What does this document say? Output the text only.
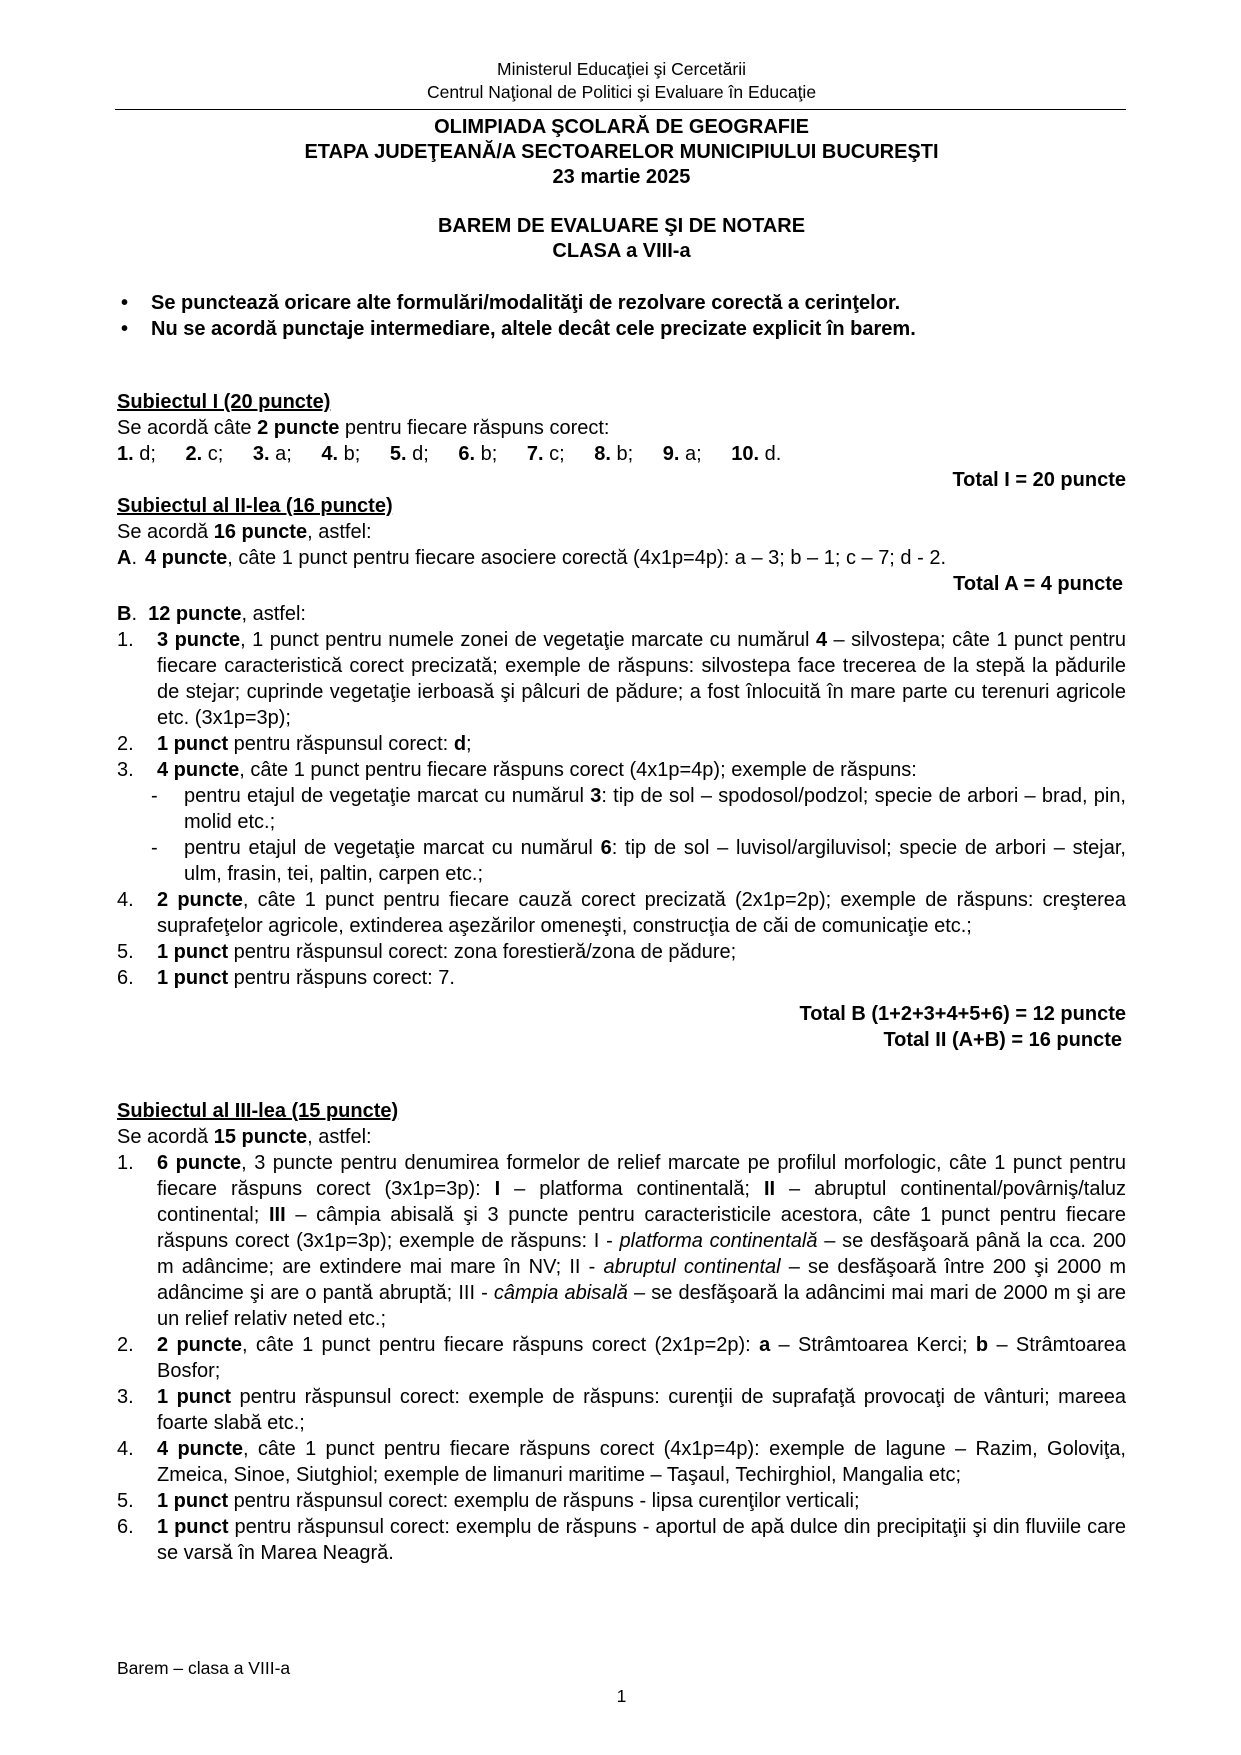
Ministerul Educaţiei şi Cercetării
Centrul Naţional de Politici şi Evaluare în Educaţie
OLIMPIADA ŞCOLARĂ DE GEOGRAFIE
ETAPA JUDEŢEANĂ/A SECTOARELOR MUNICIPIULUI BUCUREŞTI
23 martie 2025
BAREM DE EVALUARE ŞI DE NOTARE
CLASA a VIII-a
•	Se punctează oricare alte formulări/modalităţi de rezolvare corectă a cerinţelor.
•	Nu se acordă punctaje intermediare, altele decât cele precizate explicit în barem.
Subiectul I (20 puncte)
Se acordă câte 2 puncte pentru fiecare răspuns corect:
1. d; 2. c; 3. a; 4. b; 5. d; 6. b; 7. c; 8. b; 9. a; 10. d.
Total I = 20 puncte
Subiectul al II-lea (16 puncte)
Se acordă 16 puncte, astfel:
A. 4 puncte, câte 1 punct pentru fiecare asociere corectă (4x1p=4p): a – 3; b – 1; c – 7; d - 2.
Total A = 4 puncte
B.  12 puncte, astfel:
1.	3 puncte, 1 punct pentru numele zonei de vegetaţie marcate cu numărul 4 – silvostepa; câte 1 punct pentru fiecare caracteristică corect precizată; exemple de răspuns: silvostepa face trecerea de la stepă la pădurile de stejar; cuprinde vegetaţie ierboasă şi pâlcuri de pădure; a fost înlocuită în mare parte cu terenuri agricole etc. (3x1p=3p);
2.	1 punct pentru răspunsul corect: d;
3.	4 puncte, câte 1 punct pentru fiecare răspuns corect (4x1p=4p); exemple de răspuns:
-	pentru etajul de vegetaţie marcat cu numărul 3: tip de sol – spodosol/podzol; specie de arbori – brad, pin, molid etc.;
-	pentru etajul de vegetaţie marcat cu numărul 6: tip de sol – luvisol/argiluvisol; specie de arbori – stejar, ulm, frasin, tei, paltin, carpen etc.;
4.	2 puncte, câte 1 punct pentru fiecare cauză corect precizată (2x1p=2p); exemple de răspuns: creşterea suprafeţelor agricole, extinderea aşezărilor omeneşti, construcţia de căi de comunicaţie etc.;
5.	1 punct pentru răspunsul corect: zona forestieră/zona de pădure;
6.	1 punct pentru răspuns corect: 7.
Total B (1+2+3+4+5+6) = 12 puncte
Total II (A+B) = 16 puncte
Subiectul al III-lea (15 puncte)
Se acordă 15 puncte, astfel:
1.	6 puncte, 3 puncte pentru denumirea formelor de relief marcate pe profilul morfologic, câte 1 punct pentru fiecare răspuns corect (3x1p=3p): I – platforma continentală; II – abruptul continental/povârniş/taluz continental; III – câmpia abisală şi 3 puncte pentru caracteristicile acestora, câte 1 punct pentru fiecare răspuns corect (3x1p=3p); exemple de răspuns: I - platforma continentală – se desfăşoară până la cca. 200 m adâncime; are extindere mai mare în NV; II - abruptul continental – se desfăşoară între 200 şi 2000 m adâncime şi are o pantă abruptă; III - câmpia abisală – se desfăşoară la adâncimi mai mari de 2000 m şi are un relief relativ neted etc.;
2.	2 puncte, câte 1 punct pentru fiecare răspuns corect (2x1p=2p): a – Strâmtoarea Kerci; b – Strâmtoarea Bosfor;
3.	1 punct pentru răspunsul corect: exemple de răspuns: curenţii de suprafaţă provocaţi de vânturi; mareea foarte slabă etc.;
4.	4 puncte, câte 1 punct pentru fiecare răspuns corect (4x1p=4p): exemple de lagune – Razim, Goloviţa, Zmeica, Sinoe, Siutghiol; exemple de limanuri maritime – Taşaul, Techirghiol, Mangalia etc;
5.	1 punct pentru răspunsul corect: exemplu de răspuns - lipsa curenţilor verticali;
6.	1 punct pentru răspunsul corect: exemplu de răspuns - aportul de apă dulce din precipitaţii şi din fluviile care se varsă în Marea Neagră.
Barem – clasa a VIII-a
1
